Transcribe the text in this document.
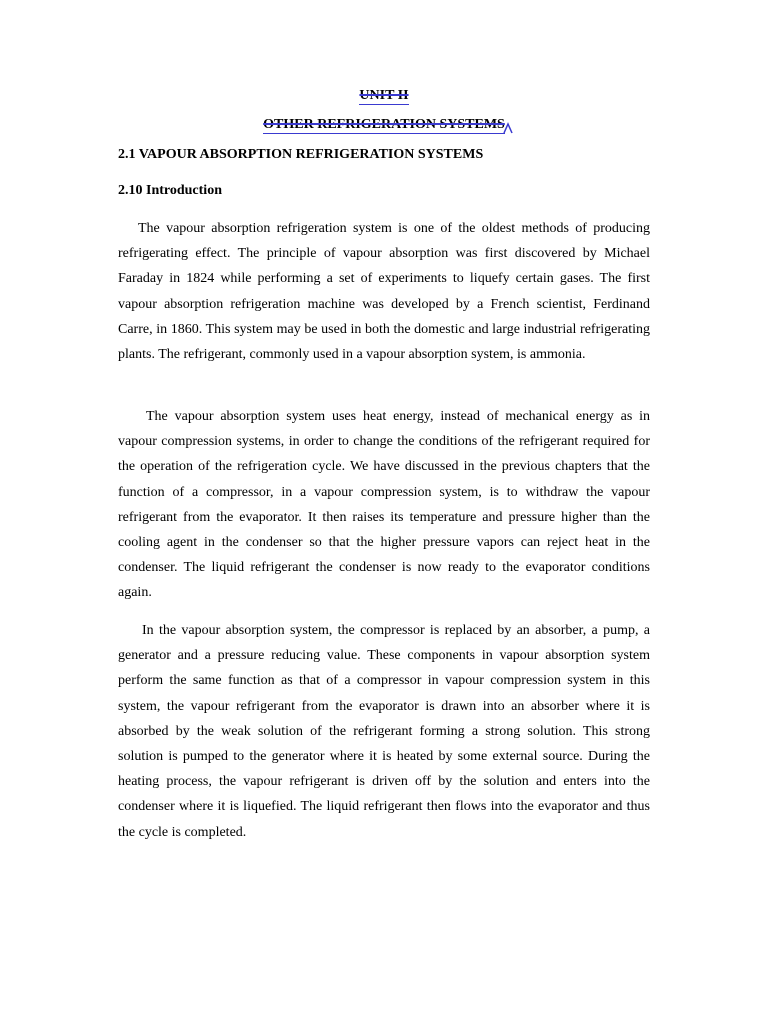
UNIT II
OTHER REFRIGERATION SYSTEMS
2.1 VAPOUR ABSORPTION REFRIGERATION SYSTEMS
2.10 Introduction

The vapour absorption refrigeration system is one of the oldest methods of producing refrigerating effect. The principle of vapour absorption was first discovered by Michael Faraday in 1824 while performing a set of experiments to liquefy certain gases. The first vapour absorption refrigeration machine was developed by a French scientist, Ferdinand Carre, in 1860. This system may be used in both the domestic and large industrial refrigerating plants. The refrigerant, commonly used in a vapour absorption system, is ammonia.

The vapour absorption system uses heat energy, instead of mechanical energy as in vapour compression systems, in order to change the conditions of the refrigerant required for the operation of the refrigeration cycle. We have discussed in the previous chapters that the function of a compressor, in a vapour compression system, is to withdraw the vapour refrigerant from the evaporator. It then raises its temperature and pressure higher than the cooling agent in the condenser so that the higher pressure vapors can reject heat in the condenser. The liquid refrigerant the condenser is now ready to the evaporator conditions again.

In the vapour absorption system, the compressor is replaced by an absorber, a pump, a generator and a pressure reducing value. These components in vapour absorption system perform the same function as that of a compressor in vapour compression system in this system, the vapour refrigerant from the evaporator is drawn into an absorber where it is absorbed by the weak solution of the refrigerant forming a strong solution. This strong solution is pumped to the generator where it is heated by some external source. During the heating process, the vapour refrigerant is driven off by the solution and enters into the condenser where it is liquefied. The liquid refrigerant then flows into the evaporator and thus the cycle is completed.
